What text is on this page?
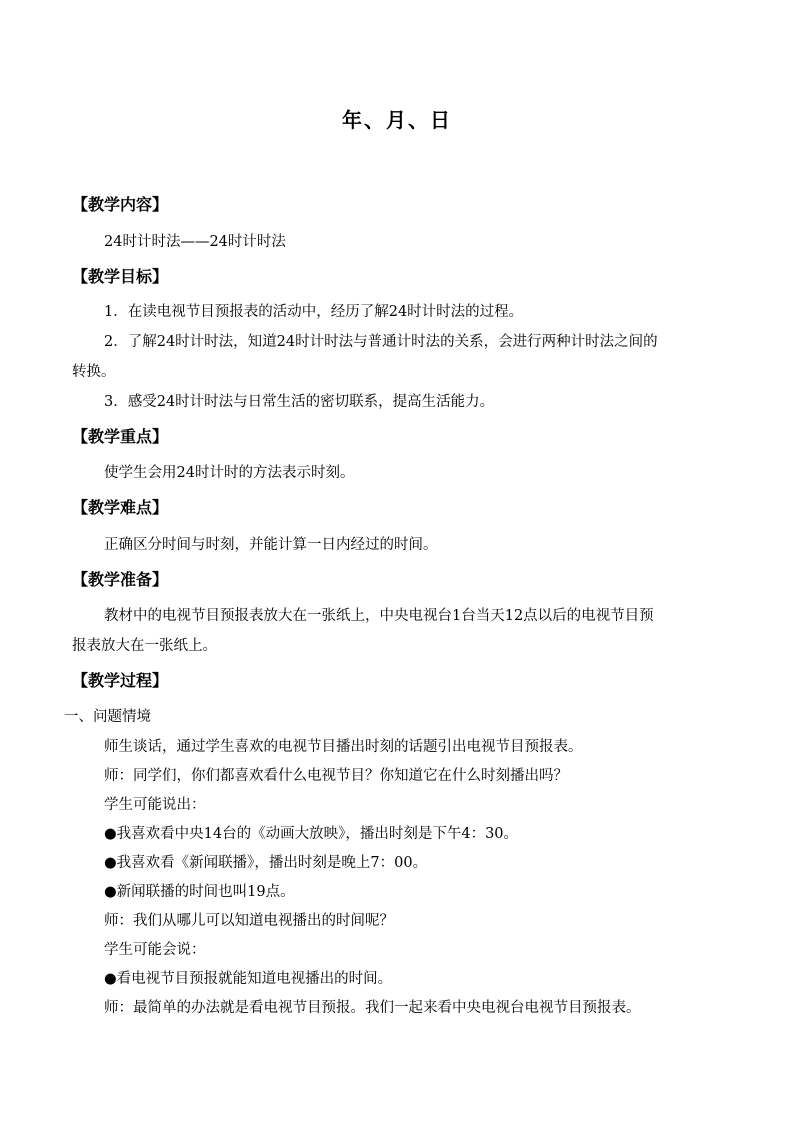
年、月、日
【教学内容】
24时计时法——24时计时法
【教学目标】
1．在读电视节目预报表的活动中，经历了解24时计时法的过程。
2．了解24时计时法，知道24时计时法与普通计时法的关系，会进行两种计时法之间的
转换。
3．感受24时计时法与日常生活的密切联系，提高生活能力。
【教学重点】
使学生会用24时计时的方法表示时刻。
【教学难点】
正确区分时间与时刻，并能计算一日内经过的时间。
【教学准备】
教材中的电视节目预报表放大在一张纸上，中央电视台1台当天12点以后的电视节目预
报表放大在一张纸上。
【教学过程】
一、问题情境
师生谈话，通过学生喜欢的电视节目播出时刻的话题引出电视节目预报表。
师：同学们，你们都喜欢看什么电视节目？你知道它在什么时刻播出吗？
学生可能说出：
●我喜欢看中央14台的《动画大放映》，播出时刻是下午4：30。
●我喜欢看《新闻联播》，播出时刻是晚上7：00。
●新闻联播的时间也叫19点。
师：我们从哪儿可以知道电视播出的时间呢？
学生可能会说：
●看电视节目预报就能知道电视播出的时间。
师：最简单的办法就是看电视节目预报。我们一起来看中央电视台电视节目预报表。
